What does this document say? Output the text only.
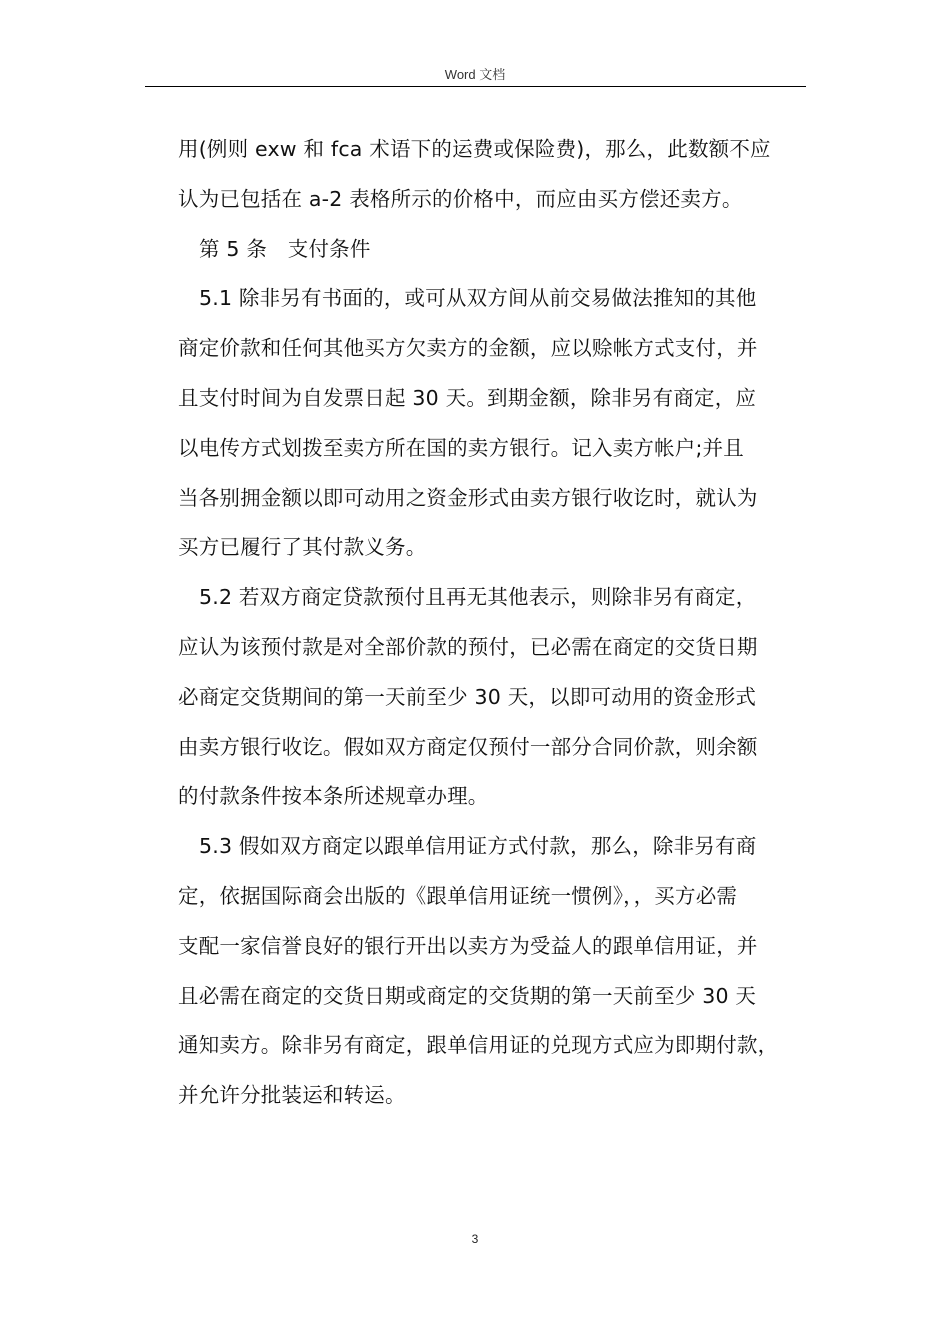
Word 文档
用(例则 exw 和 fca 术语下的运费或保险费)，那么，此数额不应
认为已包括在 a-2 表格所示的价格中，而应由买方偿还卖方。
第 5 条　支付条件
5.1 除非另有书面的，或可从双方间从前交易做法推知的其他
商定价款和任何其他买方欠卖方的金额，应以赊帐方式支付，并
且支付时间为自发票日起 30 天。到期金额，除非另有商定，应
以电传方式划拨至卖方所在国的卖方银行。记入卖方帐户;并且
当各别拥金额以即可动用之资金形式由卖方银行收讫时，就认为
买方已履行了其付款义务。
5.2 若双方商定贷款预付且再无其他表示，则除非另有商定，
应认为该预付款是对全部价款的预付，已必需在商定的交货日期
必商定交货期间的第一天前至少 30 天，以即可动用的资金形式
由卖方银行收讫。假如双方商定仅预付一部分合同价款，则余额
的付款条件按本条所述规章办理。
5.3 假如双方商定以跟单信用证方式付款，那么，除非另有商
定，依据国际商会出版的《跟单信用证统一惯例》，，买方必需
支配一家信誉良好的银行开出以卖方为受益人的跟单信用证，并
且必需在商定的交货日期或商定的交货期的第一天前至少 30 天
通知卖方。除非另有商定，跟单信用证的兑现方式应为即期付款，
并允许分批装运和转运。
3
